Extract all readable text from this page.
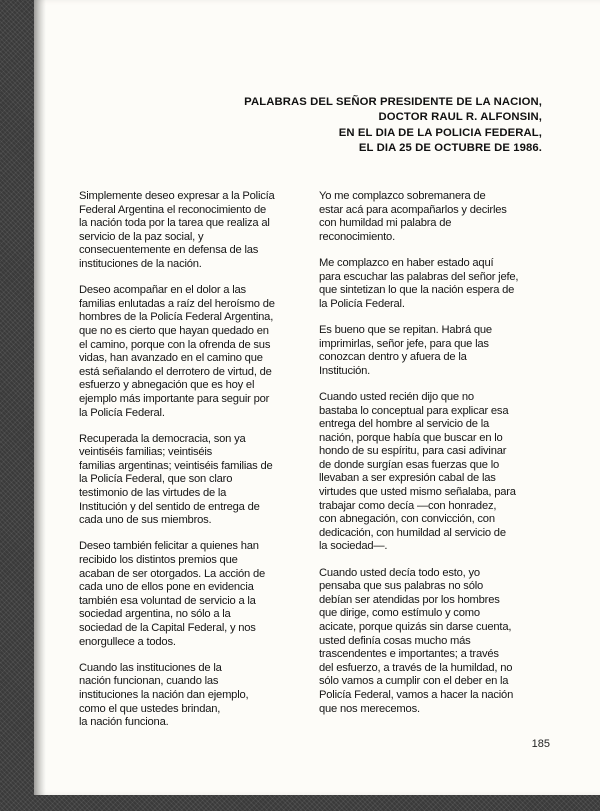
PALABRAS DEL SEÑOR PRESIDENTE DE LA NACION,
DOCTOR RAUL R. ALFONSIN,
EN EL DIA DE LA POLICIA FEDERAL,
EL DIA 25 DE OCTUBRE DE 1986.

Simplemente deseo expresar a la Policía
Federal Argentina el reconocimiento de
la nación toda por la tarea que realiza al
servicio de la paz social, y
consecuentemente en defensa de las
instituciones de la nación.

Deseo acompañar en el dolor a las
familias enlutadas a raíz del heroísmo de
hombres de la Policía Federal Argentina,
que no es cierto que hayan quedado en
el camino, porque con la ofrenda de sus
vidas, han avanzado en el camino que
está señalando el derrotero de virtud, de
esfuerzo y abnegación que es hoy el
ejemplo más importante para seguir por
la Policía Federal.

Recuperada la democracia, son ya
veintiséis familias; veintiséis
familias argentinas; veintiséis familias de
la Policía Federal, que son claro
testimonio de las virtudes de la
Institución y del sentido de entrega de
cada uno de sus miembros.

Deseo también felicitar a quienes han
recibido los distintos premios que
acaban de ser otorgados. La acción de
cada uno de ellos pone en evidencia
también esa voluntad de servicio a la
sociedad argentina, no sólo a la
sociedad de la Capital Federal, y nos
enorgullece a todos.

Cuando las instituciones de la
nación funcionan, cuando las
instituciones la nación dan ejemplo,
como el que ustedes brindan,
la nación funciona.

Yo me complazco sobremanera de
estar acá para acompañarlos y decirles
con humildad mi palabra de
reconocimiento.

Me complazco en haber estado aquí
para escuchar las palabras del señor jefe,
que sintetizan lo que la nación espera de
la Policía Federal.

Es bueno que se repitan. Habrá que
imprimirlas, señor jefe, para que las
conozcan dentro y afuera de la
Institución.

Cuando usted recién dijo que no
bastaba lo conceptual para explicar esa
entrega del hombre al servicio de la
nación, porque había que buscar en lo
hondo de su espíritu, para casi adivinar
de donde surgían esas fuerzas que lo
llevaban a ser expresión cabal de las
virtudes que usted mismo señalaba, para
trabajar como decía —con honradez,
con abnegación, con convicción, con
dedicación, con humildad al servicio de
la sociedad—.

Cuando usted decía todo esto, yo
pensaba que sus palabras no sólo
debían ser atendidas por los hombres
que dirige, como estímulo y como
acicate, porque quizás sin darse cuenta,
usted definía cosas mucho más
trascendentes e importantes; a través
del esfuerzo, a través de la humildad, no
sólo vamos a cumplir con el deber en la
Policía Federal, vamos a hacer la nación
que nos merecemos.

185
